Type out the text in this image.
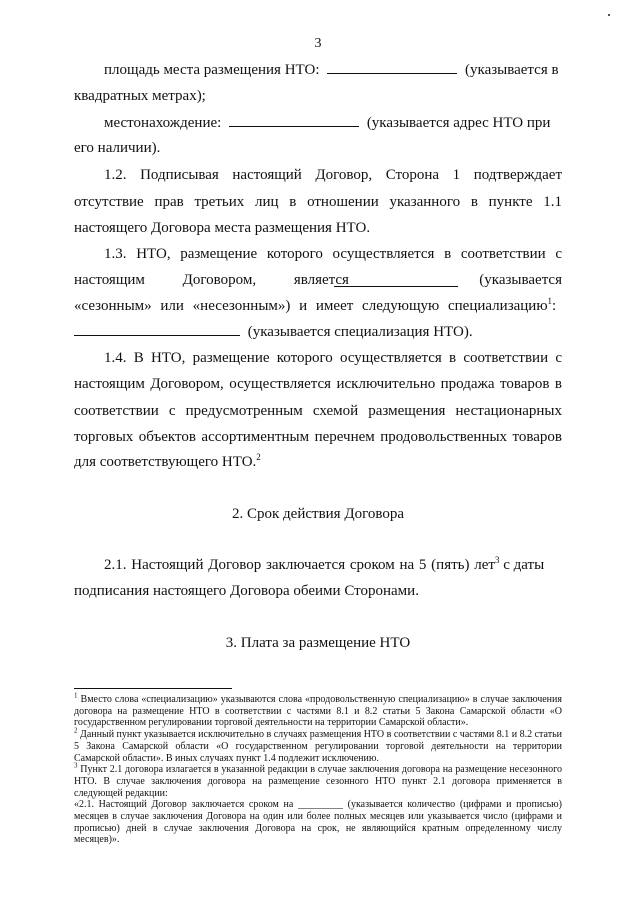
3
площадь места размещения НТО:	(указывается в
квадратных метрах);
местонахождение:	(указывается адрес НТО при
его наличии).
1.2. Подписывая настоящий Договор, Сторона 1 подтверждает
отсутствие прав третьих лиц в отношении указанного в пункте 1.1
настоящего Договора места размещения НТО.
1.3. НТО, размещение которого осуществляется в соответствии с
настоящим Договором, является	(указывается
«сезонным» или «несезонным») и имеет следующую специализацию$^1$:
(указывается специализация НТО).
1.4. В НТО, размещение которого осуществляется в соответствии с
настоящим Договором, осуществляется исключительно продажа товаров в
соответствии с предусмотренным схемой размещения нестационарных
торговых объектов ассортиментным перечнем продовольственных товаров
для соответствующего НТО.$^2$
2. Срок действия Договора
2.1. Настоящий Договор заключается сроком на 5 (пять) лет$^3$ с даты
подписания настоящего Договора обеими Сторонами.
3. Плата за размещение НТО

$^1$ Вместо слова «специализацию» указываются слова «продовольственную специализацию» в случае заключения договора на размещение НТО в соответствии с частями 8.1 и 8.2 статьи 5 Закона Самарской области «О государственном регулировании торговой деятельности на территории Самарской области».

$^2$ Данный пункт указывается исключительно в случаях размещения НТО в соответствии с частями 8.1 и 8.2 статьи 5 Закона Самарской области «О государственном регулировании торговой деятельности на территории Самарской области». В иных случаях пункт 1.4 подлежит исключению.

$^3$ Пункт 2.1 договора излагается в указанной редакции в случае заключения договора на размещение несезонного НТО. В случае заключения договора на размещение сезонного НТО пункт 2.1 договора применяется в следующей редакции:

«2.1. Настоящий Договор заключается сроком на _________ (указывается количество (цифрами и прописью) месяцев в случае заключения Договора на один или более полных месяцев или указывается число (цифрами и прописью) дней в случае заключения Договора на срок, не являющийся кратным определенному числу месяцев)».
